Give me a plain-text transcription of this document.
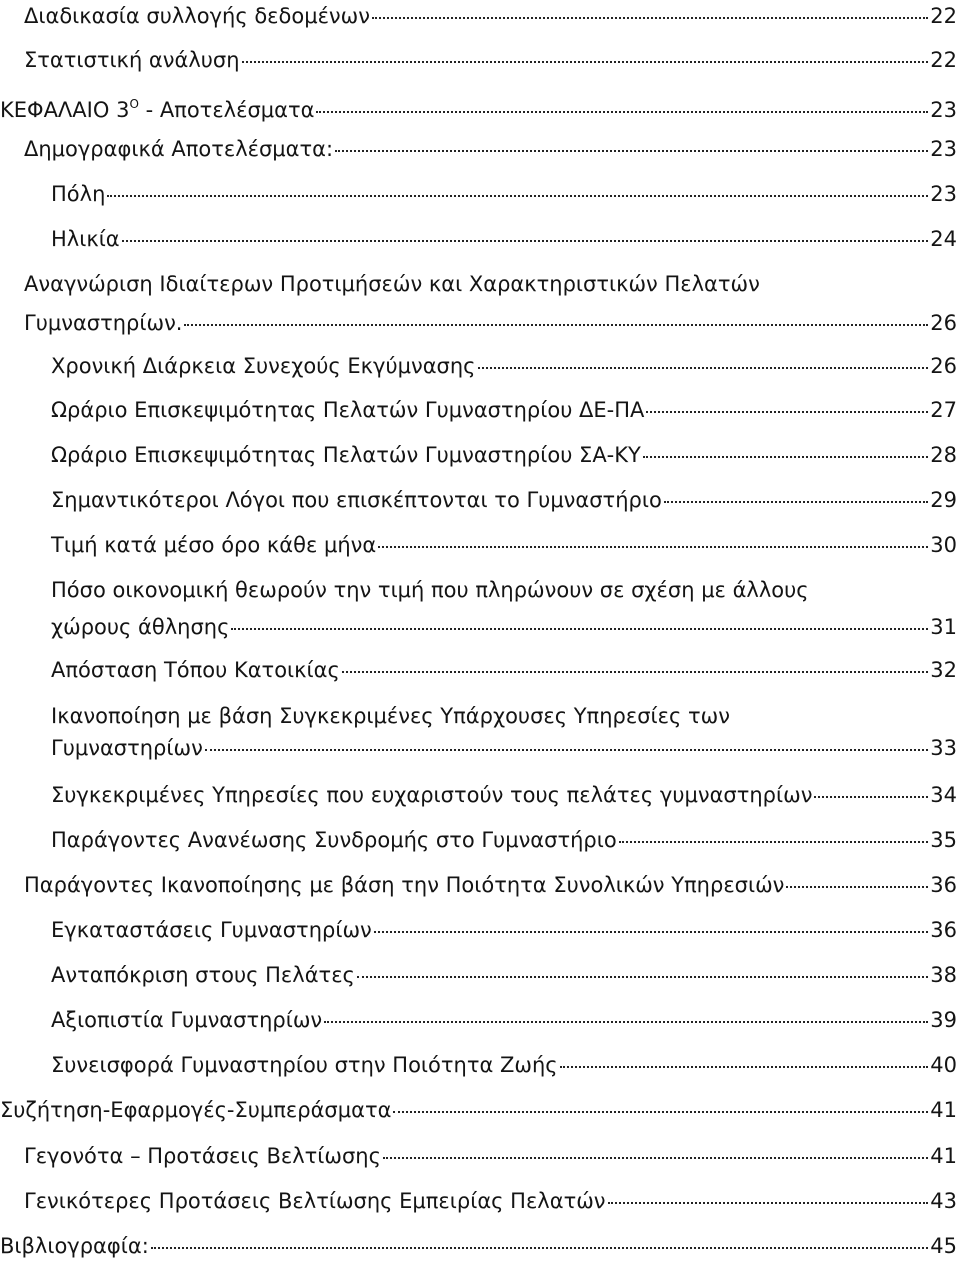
Διαδικασία συλλογής δεδομένων	22
Στατιστική ανάλυση	22
ΚΕΦΑΛΑΙΟ $3^O$ - Αποτελέσματα	23
Δημογραφικά Αποτελέσματα:	23
Πόλη	23
Ηλικία	24
Αναγνώριση Ιδιαίτερων Προτιμήσεών και Χαρακτηριστικών Πελατών
Γυμναστηρίων.	26
Χρονική Διάρκεια Συνεχούς Εκγύμνασης	26
Ωράριο Επισκεψιμότητας Πελατών Γυμναστηρίου ΔΕ-ΠΑ	27
Ωράριο Επισκεψιμότητας Πελατών Γυμναστηρίου ΣΑ-ΚΥ	28
Σημαντικότεροι Λόγοι που επισκέπτονται το Γυμναστήριο	29
Τιμή κατά μέσο όρο κάθε μήνα	30
Πόσο οικονομική θεωρούν την τιμή που πληρώνουν σε σχέση με άλλους
χώρους άθλησης	31
Απόσταση Τόπου Κατοικίας	32
Ικανοποίηση με βάση Συγκεκριμένες Υπάρχουσες Υπηρεσίες των
Γυμναστηρίων	33
Συγκεκριμένες Υπηρεσίες που ευχαριστούν τους πελάτες γυμναστηρίων	34
Παράγοντες Ανανέωσης Συνδρομής στο Γυμναστήριο	35
Παράγοντες Ικανοποίησης με βάση την Ποιότητα Συνολικών Υπηρεσιών	36
Εγκαταστάσεις Γυμναστηρίων	36
Ανταπόκριση στους Πελάτες	38
Αξιοπιστία Γυμναστηρίων	39
Συνεισφορά Γυμναστηρίου στην Ποιότητα Ζωής	40
Συζήτηση-Εφαρμογές-Συμπεράσματα	41
Γεγονότα – Προτάσεις Βελτίωσης	41
Γενικότερες Προτάσεις Βελτίωσης Εμπειρίας Πελατών	43
Βιβλιογραφία:	45
